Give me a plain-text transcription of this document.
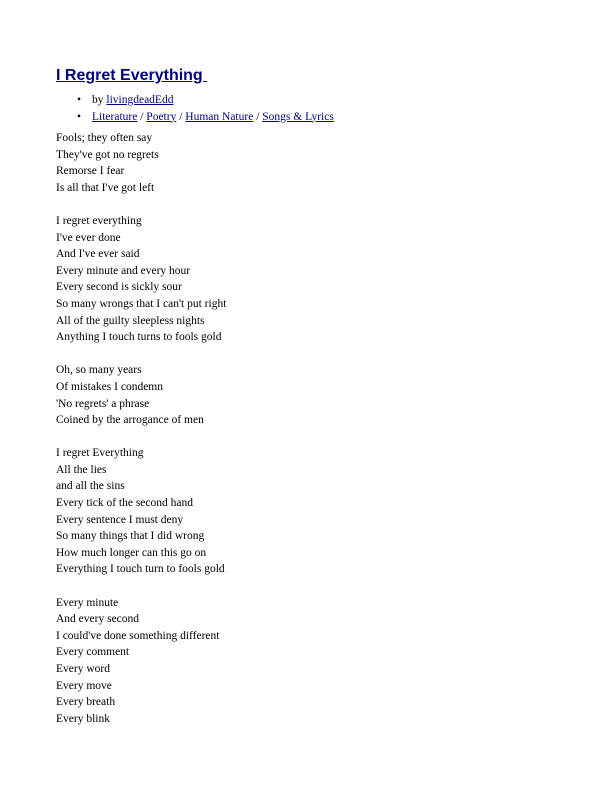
I Regret Everything
• by livingdeadEdd
• Literature / Poetry / Human Nature / Songs & Lyrics
Fools; they often say
They've got no regrets
Remorse I fear
Is all that I've got left
I regret everything
I've ever done
And I've ever said
Every minute and every hour
Every second is sickly sour
So many wrongs that I can't put right
All of the guilty sleepless nights
Anything I touch turns to fools gold
Oh, so many years
Of mistakes I condemn
'No regrets' a phrase
Coined by the arrogance of men
I regret Everything
All the lies
and all the sins
Every tick of the second hand
Every sentence I must deny
So many things that I did wrong
How much longer can this go on
Everything I touch turn to fools gold
Every minute
And every second
I could've done something different
Every comment
Every word
Every move
Every breath
Every blink
